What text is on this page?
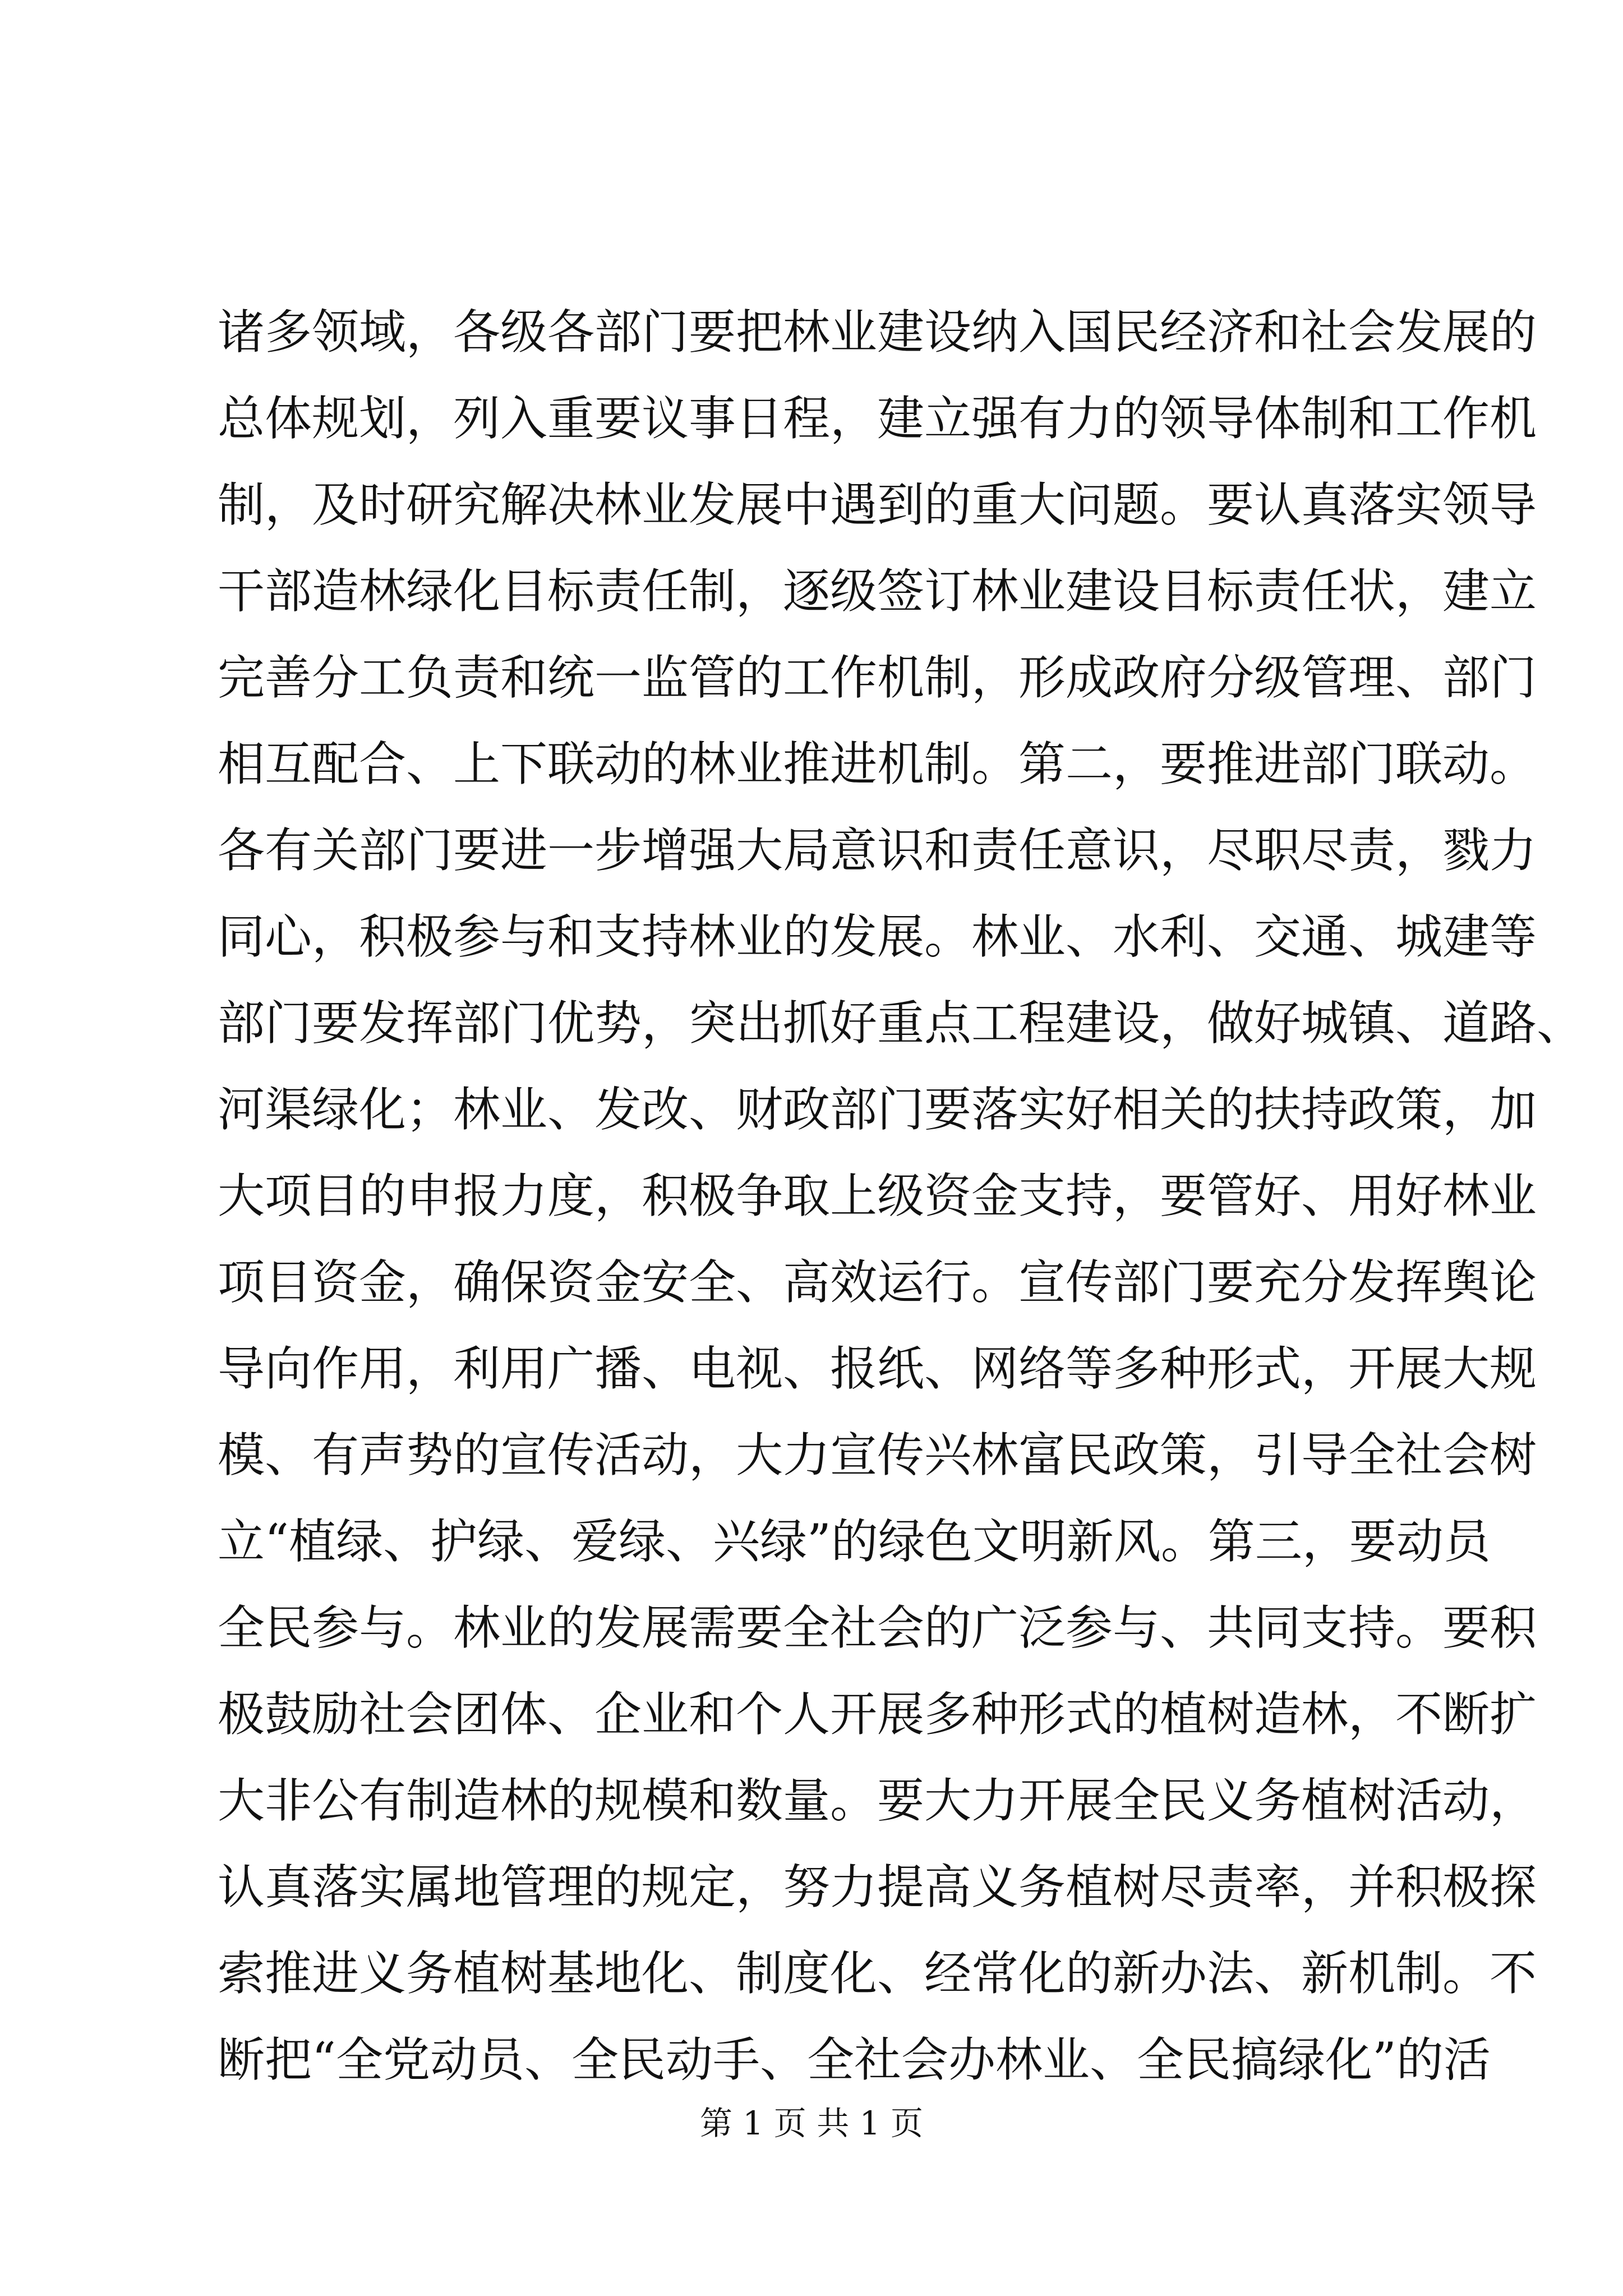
诸多领域，各级各部门要把林业建设纳入国民经济和社会发展的
总体规划，列入重要议事日程，建立强有力的领导体制和工作机
制，及时研究解决林业发展中遇到的重大问题。要认真落实领导
干部造林绿化目标责任制，逐级签订林业建设目标责任状，建立
完善分工负责和统一监管的工作机制，形成政府分级管理、部门
相互配合、上下联动的林业推进机制。第二，要推进部门联动。
各有关部门要进一步增强大局意识和责任意识，尽职尽责，戮力
同心，积极参与和支持林业的发展。林业、水利、交通、城建等
部门要发挥部门优势，突出抓好重点工程建设，做好城镇、道路、
河渠绿化；林业、发改、财政部门要落实好相关的扶持政策，加
大项目的申报力度，积极争取上级资金支持，要管好、用好林业
项目资金，确保资金安全、高效运行。宣传部门要充分发挥舆论
导向作用，利用广播、电视、报纸、网络等多种形式，开展大规
模、有声势的宣传活动，大力宣传兴林富民政策，引导全社会树
立“植绿、护绿、爱绿、兴绿”的绿色文明新风。第三，要动员
全民参与。林业的发展需要全社会的广泛参与、共同支持。要积
极鼓励社会团体、企业和个人开展多种形式的植树造林，不断扩
大非公有制造林的规模和数量。要大力开展全民义务植树活动，
认真落实属地管理的规定，努力提高义务植树尽责率，并积极探
索推进义务植树基地化、制度化、经常化的新办法、新机制。不
断把“全党动员、全民动手、全社会办林业、全民搞绿化”的活
第 1 页 共 1 页
